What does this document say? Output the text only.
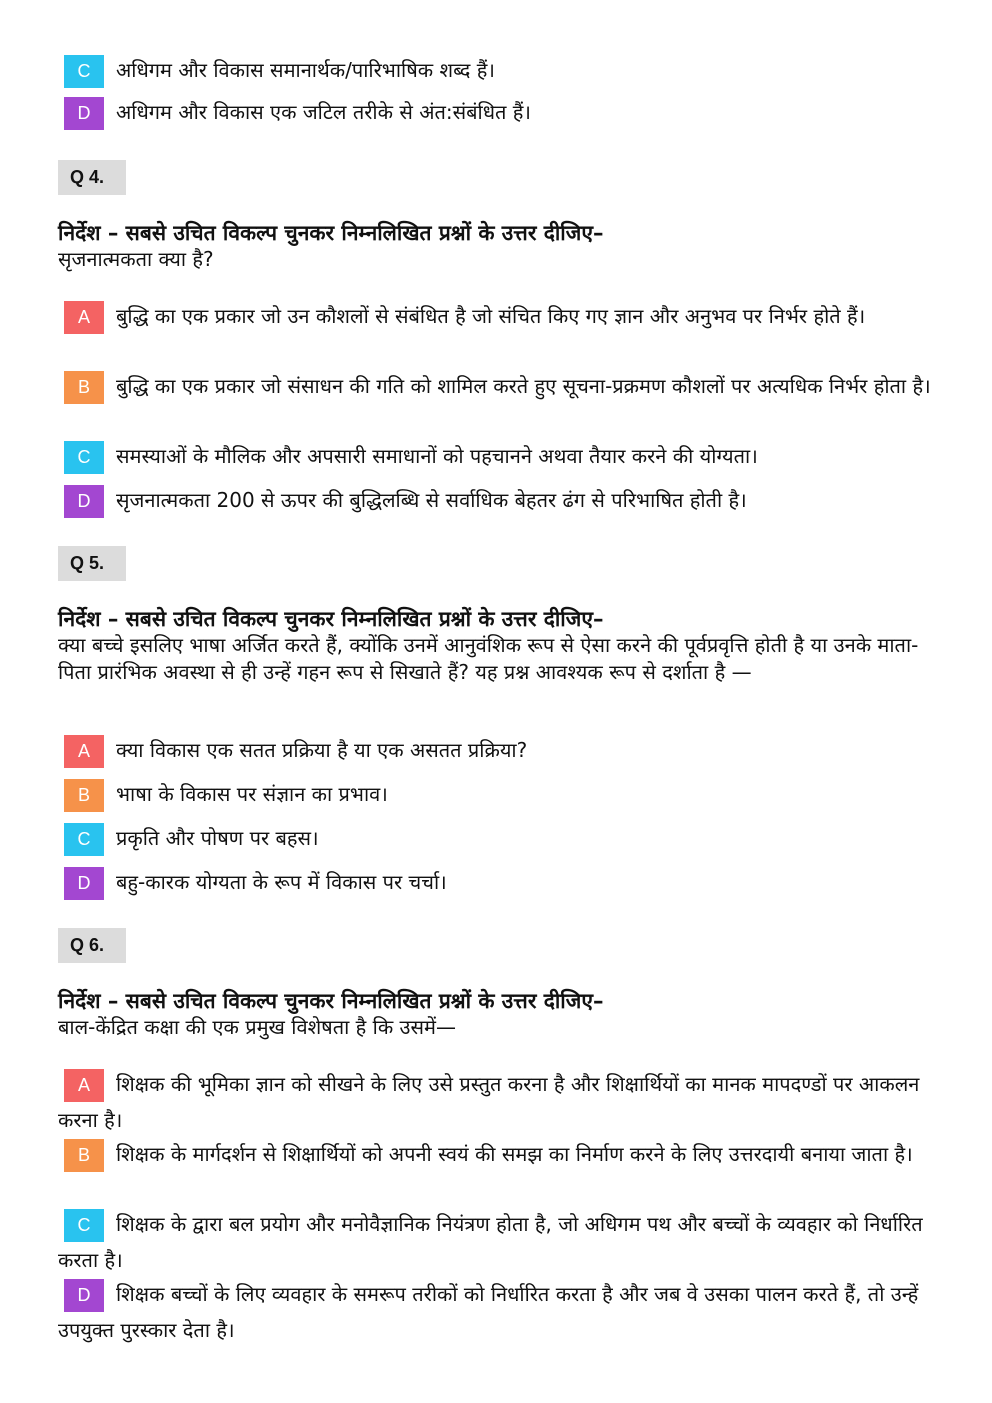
C अधिगम और विकास समानार्थक/पारिभाषिक शब्द हैं।
D अधिगम और विकास एक जटिल तरीके से अंत:संबंधित हैं।
Q 4.
निर्देश – सबसे उचित विकल्प चुनकर निम्नलिखित प्रश्नों के उत्तर दीजिए–
सृजनात्मकता क्या है?
A बुद्धि का एक प्रकार जो उन कौशलों से संबंधित है जो संचित किए गए ज्ञान और अनुभव पर निर्भर होते हैं।
B बुद्धि का एक प्रकार जो संसाधन की गति को शामिल करते हुए सूचना-प्रक्रमण कौशलों पर अत्यधिक निर्भर होता है।
C समस्याओं के मौलिक और अपसारी समाधानों को पहचानने अथवा तैयार करने की योग्यता।
D सृजनात्मकता 200 से ऊपर की बुद्धिलब्धि से सर्वाधिक बेहतर ढंग से परिभाषित होती है।
Q 5.
निर्देश – सबसे उचित विकल्प चुनकर निम्नलिखित प्रश्नों के उत्तर दीजिए–
क्या बच्चे इसलिए भाषा अर्जित करते हैं, क्योंकि उनमें आनुवंशिक रूप से ऐसा करने की पूर्वप्रवृत्ति होती है या उनके माता-पिता प्रारंभिक अवस्था से ही उन्हें गहन रूप से सिखाते हैं? यह प्रश्न आवश्यक रूप से दर्शाता है —
A क्या विकास एक सतत प्रक्रिया है या एक असतत प्रक्रिया?
B भाषा के विकास पर संज्ञान का प्रभाव।
C प्रकृति और पोषण पर बहस।
D बहु-कारक योग्यता के रूप में विकास पर चर्चा।
Q 6.
निर्देश – सबसे उचित विकल्प चुनकर निम्नलिखित प्रश्नों के उत्तर दीजिए–
बाल-केंद्रित कक्षा की एक प्रमुख विशेषता है कि उसमें—
A शिक्षक की भूमिका ज्ञान को सीखने के लिए उसे प्रस्तुत करना है और शिक्षार्थियों का मानक मापदण्डों पर आकलन करना है।
B शिक्षक के मार्गदर्शन से शिक्षार्थियों को अपनी स्वयं की समझ का निर्माण करने के लिए उत्तरदायी बनाया जाता है।
C शिक्षक के द्वारा बल प्रयोग और मनोवैज्ञानिक नियंत्रण होता है, जो अधिगम पथ और बच्चों के व्यवहार को निर्धारित करता है।
D शिक्षक बच्चों के लिए व्यवहार के समरूप तरीकों को निर्धारित करता है और जब वे उसका पालन करते हैं, तो उन्हें उपयुक्त पुरस्कार देता है।
